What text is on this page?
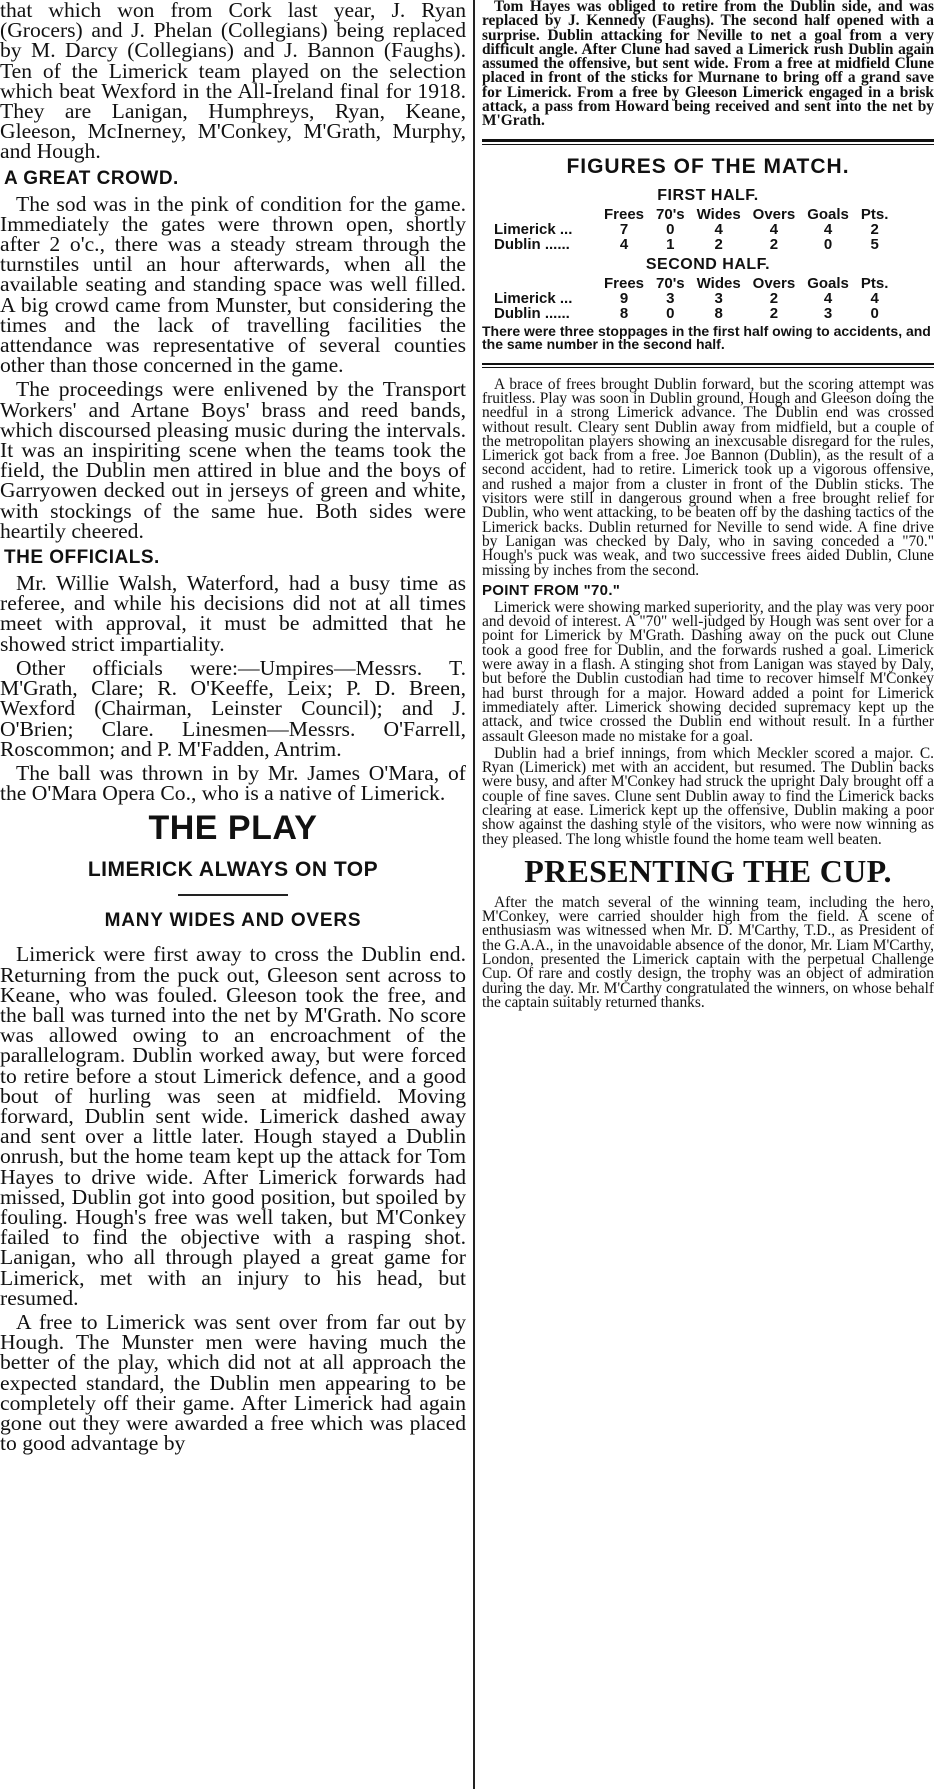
that which won from Cork last year, J. Ryan (Grocers) and J. Phelan (Collegians) being replaced by M. Darcy (Collegians) and J. Bannon (Faughs). Ten of the Limerick team played on the selection which beat Wexford in the All-Ireland final for 1918. They are Lanigan, Humphreys, Ryan, Keane, Gleeson, McInerney, M'Conkey, M'Grath, Murphy, and Hough.

A GREAT CROWD.

The sod was in the pink of condition for the game. Immediately the gates were thrown open, shortly after 2 o'c., there was a steady stream through the turnstiles until an hour afterwards, when all the available seating and standing space was well filled. A big crowd came from Munster, but considering the times and the lack of travelling facilities the attendance was representative of several counties other than those concerned in the game.

The proceedings were enlivened by the Transport Workers' and Artane Boys' brass and reed bands, which discoursed pleasing music during the intervals. It was an inspiriting scene when the teams took the field, the Dublin men attired in blue and the boys of Garryowen decked out in jerseys of green and white, with stockings of the same hue. Both sides were heartily cheered.

THE OFFICIALS.

Mr. Willie Walsh, Waterford, had a busy time as referee, and while his decisions did not at all times meet with approval, it must be admitted that he showed strict impartiality.

Other officials were:—Umpires—Messrs. T. M'Grath, Clare; R. O'Keeffe, Leix; P. D. Breen, Wexford (Chairman, Leinster Council); and J. O'Brien; Clare. Linesmen—Messrs. O'Farrell, Roscommon; and P. M'Fadden, Antrim.

The ball was thrown in by Mr. James O'Mara, of the O'Mara Opera Co., who is a native of Limerick.

THE PLAY
LIMERICK ALWAYS ON TOP
MANY WIDES AND OVERS

Limerick were first away to cross the Dublin end. Returning from the puck out, Gleeson sent across to Keane, who was fouled. Gleeson took the free, and the ball was turned into the net by M'Grath. No score was allowed owing to an encroachment of the parallelogram. Dublin worked away, but were forced to retire before a stout Limerick defence, and a good bout of hurling was seen at midfield. Moving forward, Dublin sent wide. Limerick dashed away and sent over a little later. Hough stayed a Dublin onrush, but the home team kept up the attack for Tom Hayes to drive wide. After Limerick forwards had missed, Dublin got into good position, but spoiled by fouling. Hough's free was well taken, but M'Conkey failed to find the objective with a rasping shot. Lanigan, who all through played a great game for Limerick, met with an injury to his head, but resumed.

A free to Limerick was sent over from far out by Hough. The Munster men were having much the better of the play, which did not at all approach the expected standard, the Dublin men appearing to be completely off their game. After Limerick had again gone out they were awarded a free which was placed to good advantage by

Tom Hayes was obliged to retire from the Dublin side, and was replaced by J. Kennedy (Faughs). The second half opened with a surprise. Dublin attacking for Neville to net a goal from a very difficult angle. After Clune had saved a Limerick rush Dublin again assumed the offensive, but sent wide. From a free at midfield Clune placed in front of the sticks for Murnane to bring off a grand save for Limerick. From a free by Gleeson Limerick engaged in a brisk attack, a pass from Howard being received and sent into the net by M'Grath.

FIGURES OF THE MATCH.
FIRST HALF.
	Frees	70's	Wides	Overs	Goals	Pts.
Limerick ...	7	0	4	4	4	2
Dublin ......	4	1	2	2	0	5
SECOND HALF.
	Frees	70's	Wides	Overs	Goals	Pts.
Limerick ...	9	3	3	2	4	4
Dublin ......	8	0	8	2	3	0

There were three stoppages in the first half owing to accidents, and the same number in the second half.

A brace of frees brought Dublin forward, but the scoring attempt was fruitless. Play was soon in Dublin ground, Hough and Gleeson doing the needful in a strong Limerick advance. The Dublin end was crossed without result. Cleary sent Dublin away from midfield, but a couple of the metropolitan players showing an inexcusable disregard for the rules, Limerick got back from a free. Joe Bannon (Dublin), as the result of a second accident, had to retire. Limerick took up a vigorous offensive, and rushed a major from a cluster in front of the Dublin sticks. The visitors were still in dangerous ground when a free brought relief for Dublin, who went attacking, to be beaten off by the dashing tactics of the Limerick backs. Dublin returned for Neville to send wide. A fine drive by Lanigan was checked by Daly, who in saving conceded a "70." Hough's puck was weak, and two successive frees aided Dublin, Clune missing by inches from the second.

POINT FROM "70."

Limerick were showing marked superiority, and the play was very poor and devoid of interest. A "70" well-judged by Hough was sent over for a point for Limerick by M'Grath. Dashing away on the puck out Clune took a good free for Dublin, and the forwards rushed a goal. Limerick were away in a flash. A stinging shot from Lanigan was stayed by Daly, but before the Dublin custodian had time to recover himself M'Conkey had burst through for a major. Howard added a point for Limerick immediately after. Limerick showing decided supremacy kept up the attack, and twice crossed the Dublin end without result. In a further assault Gleeson made no mistake for a goal.

Dublin had a brief innings, from which Meckler scored a major. C. Ryan (Limerick) met with an accident, but resumed. The Dublin backs were busy, and after M'Conkey had struck the upright Daly brought off a couple of fine saves. Clune sent Dublin away to find the Limerick backs clearing at ease. Limerick kept up the offensive, Dublin making a poor show against the dashing style of the visitors, who were now winning as they pleased. The long whistle found the home team well beaten.

PRESENTING THE CUP.

After the match several of the winning team, including the hero, M'Conkey, were carried shoulder high from the field. A scene of enthusiasm was witnessed when Mr. D. M'Carthy, T.D., as President of the G.A.A., in the unavoidable absence of the donor, Mr. Liam M'Carthy, London, presented the Limerick captain with the perpetual Challenge Cup. Of rare and costly design, the trophy was an object of admiration during the day. Mr. M'Carthy congratulated the winners, on whose behalf the captain suitably returned thanks.
